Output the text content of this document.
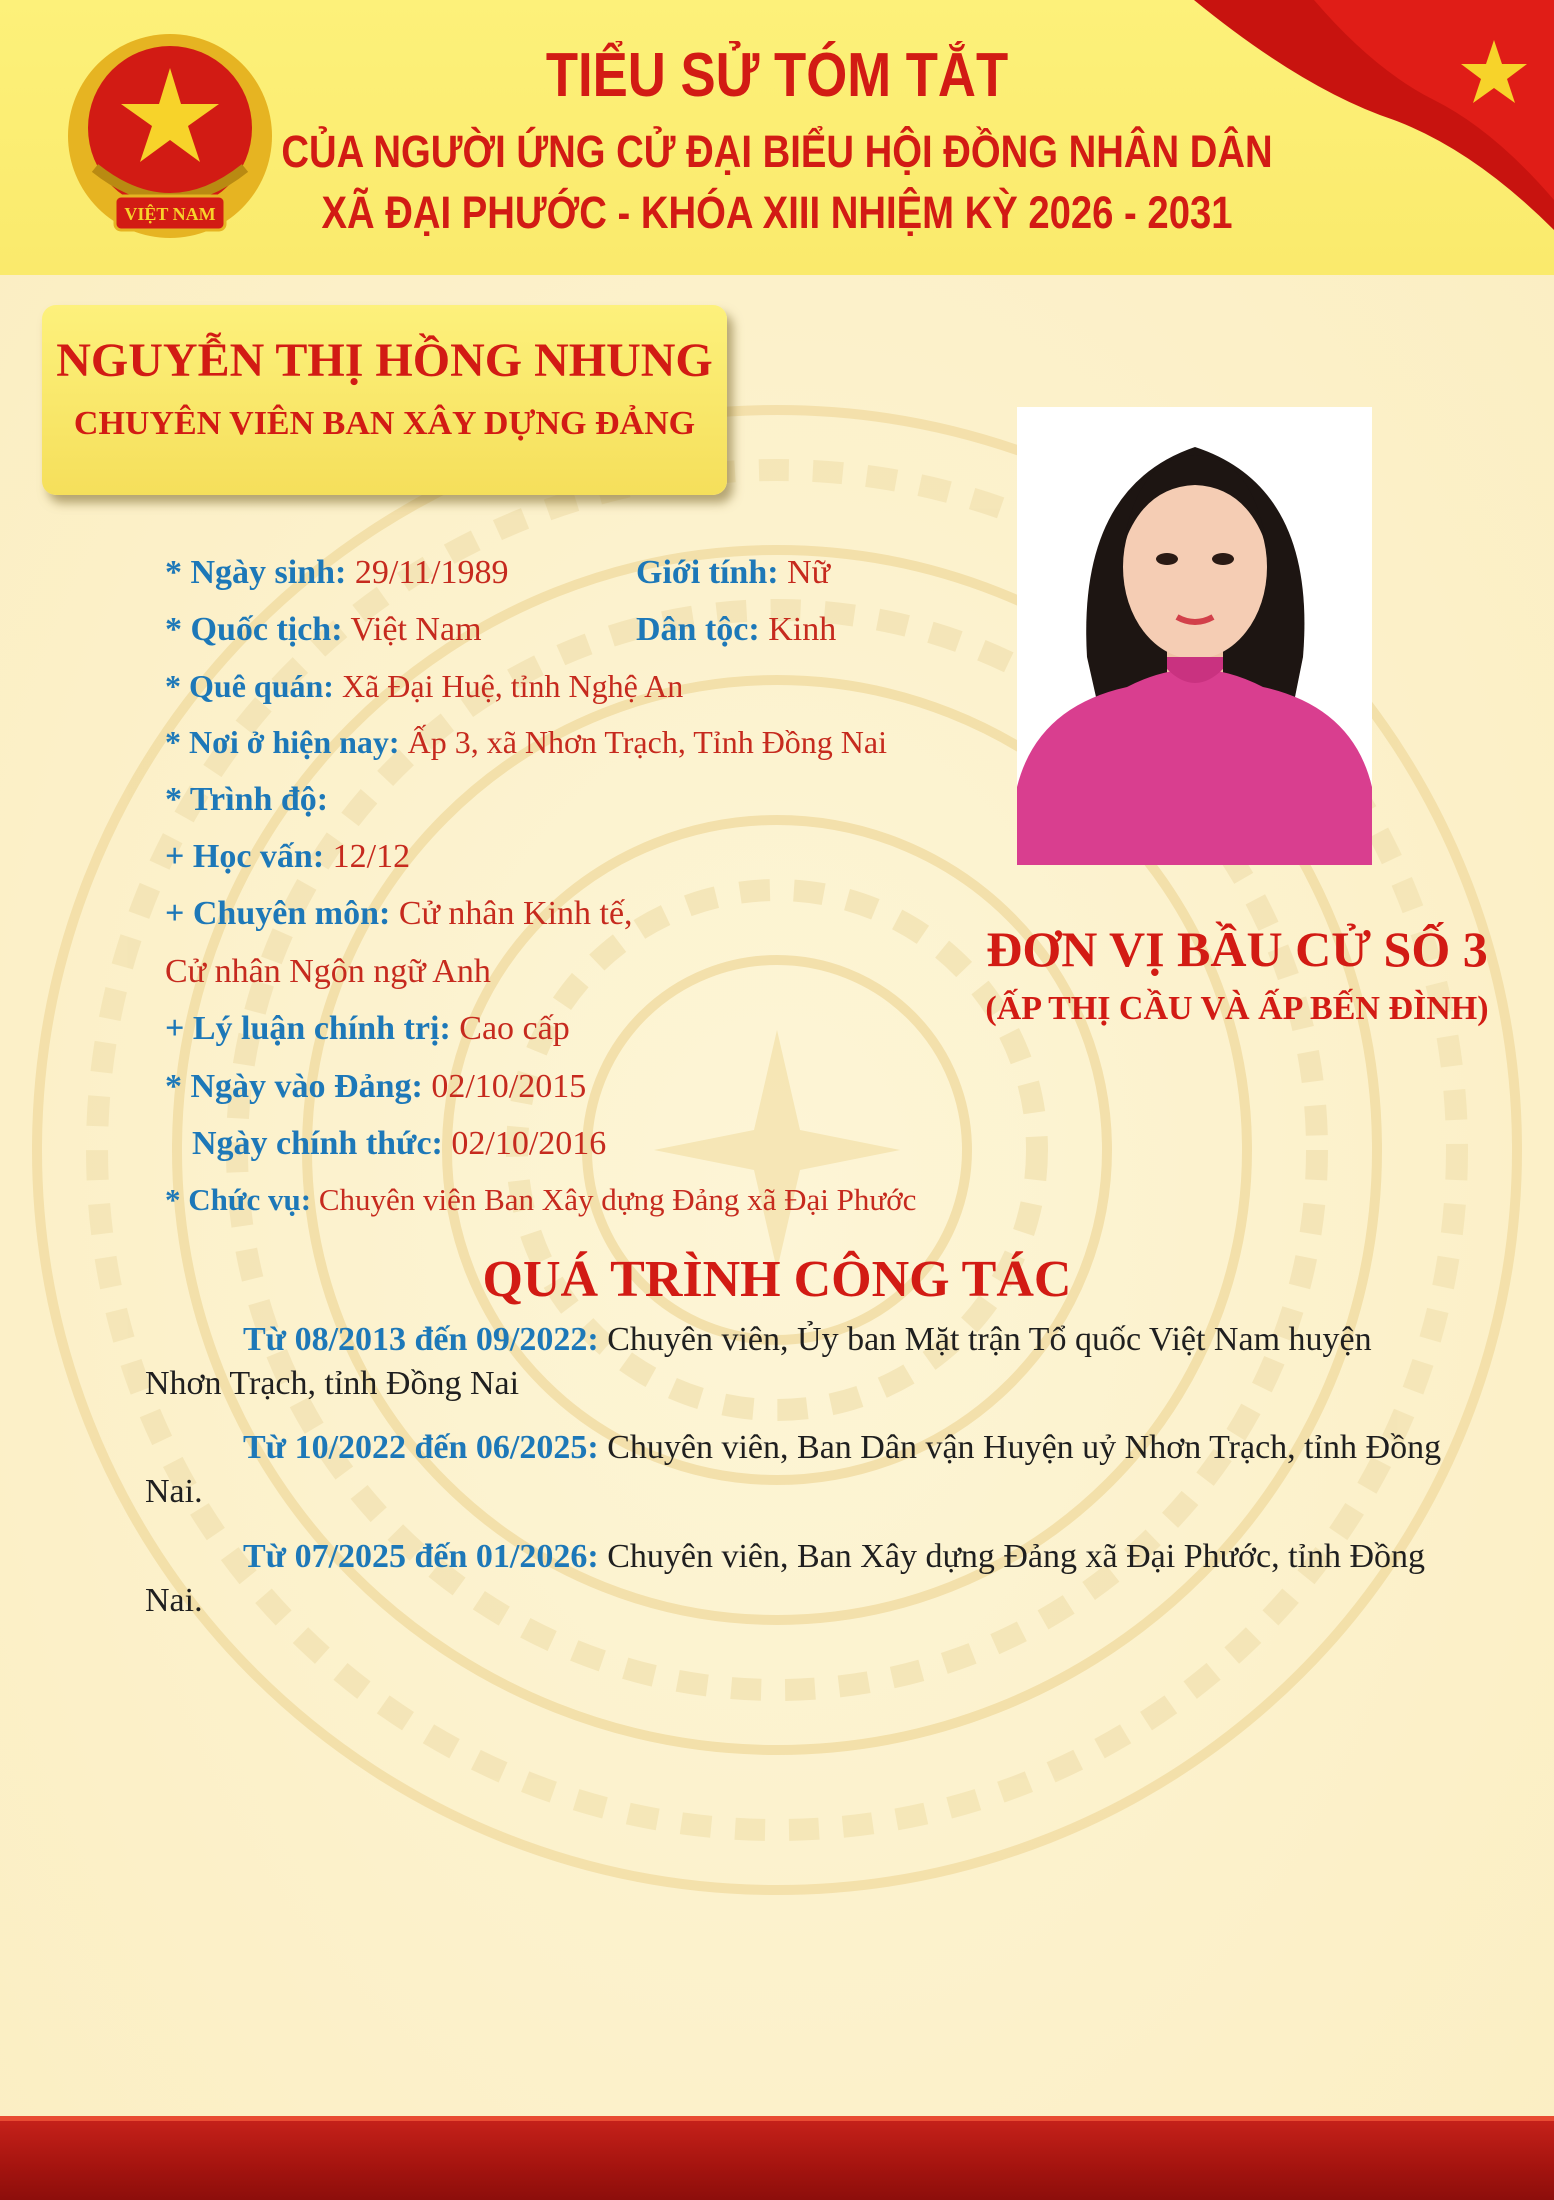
TIỂU SỬ TÓM TẮT
CỦA NGƯỜI ỨNG CỬ ĐẠI BIỂU HỘI ĐỒNG NHÂN DÂN
XÃ ĐẠI PHƯỚC - KHÓA XIII NHIỆM KỲ 2026 - 2031
VIỆT NAM
NGUYỄN THỊ HỒNG NHUNG
CHUYÊN VIÊN BAN XÂY DỰNG ĐẢNG
* Ngày sinh: 29/11/1989	Giới tính: Nữ
* Quốc tịch: Việt Nam	Dân tộc: Kinh
* Quê quán: Xã Đại Huệ, tỉnh Nghệ An
* Nơi ở hiện nay: Ấp 3, xã Nhơn Trạch, Tỉnh Đồng Nai
* Trình độ:
+ Học vấn: 12/12
+ Chuyên môn: Cử nhân Kinh tế,
Cử nhân Ngôn ngữ Anh
+ Lý luận chính trị: Cao cấp
* Ngày vào Đảng: 02/10/2015
Ngày chính thức: 02/10/2016
* Chức vụ: Chuyên viên Ban Xây dựng Đảng xã Đại Phước
ĐƠN VỊ BẦU CỬ SỐ 3
(ẤP THỊ CẦU VÀ ẤP BẾN ĐÌNH)
QUÁ TRÌNH CÔNG TÁC
Từ 08/2013 đến 09/2022: Chuyên viên, Ủy ban Mặt trận Tổ quốc Việt Nam huyện Nhơn Trạch, tỉnh Đồng Nai
Từ 10/2022 đến 06/2025: Chuyên viên, Ban Dân vận Huyện uỷ Nhơn Trạch, tỉnh Đồng Nai.
Từ 07/2025 đến 01/2026: Chuyên viên, Ban Xây dựng Đảng xã Đại Phước, tỉnh Đồng Nai.
